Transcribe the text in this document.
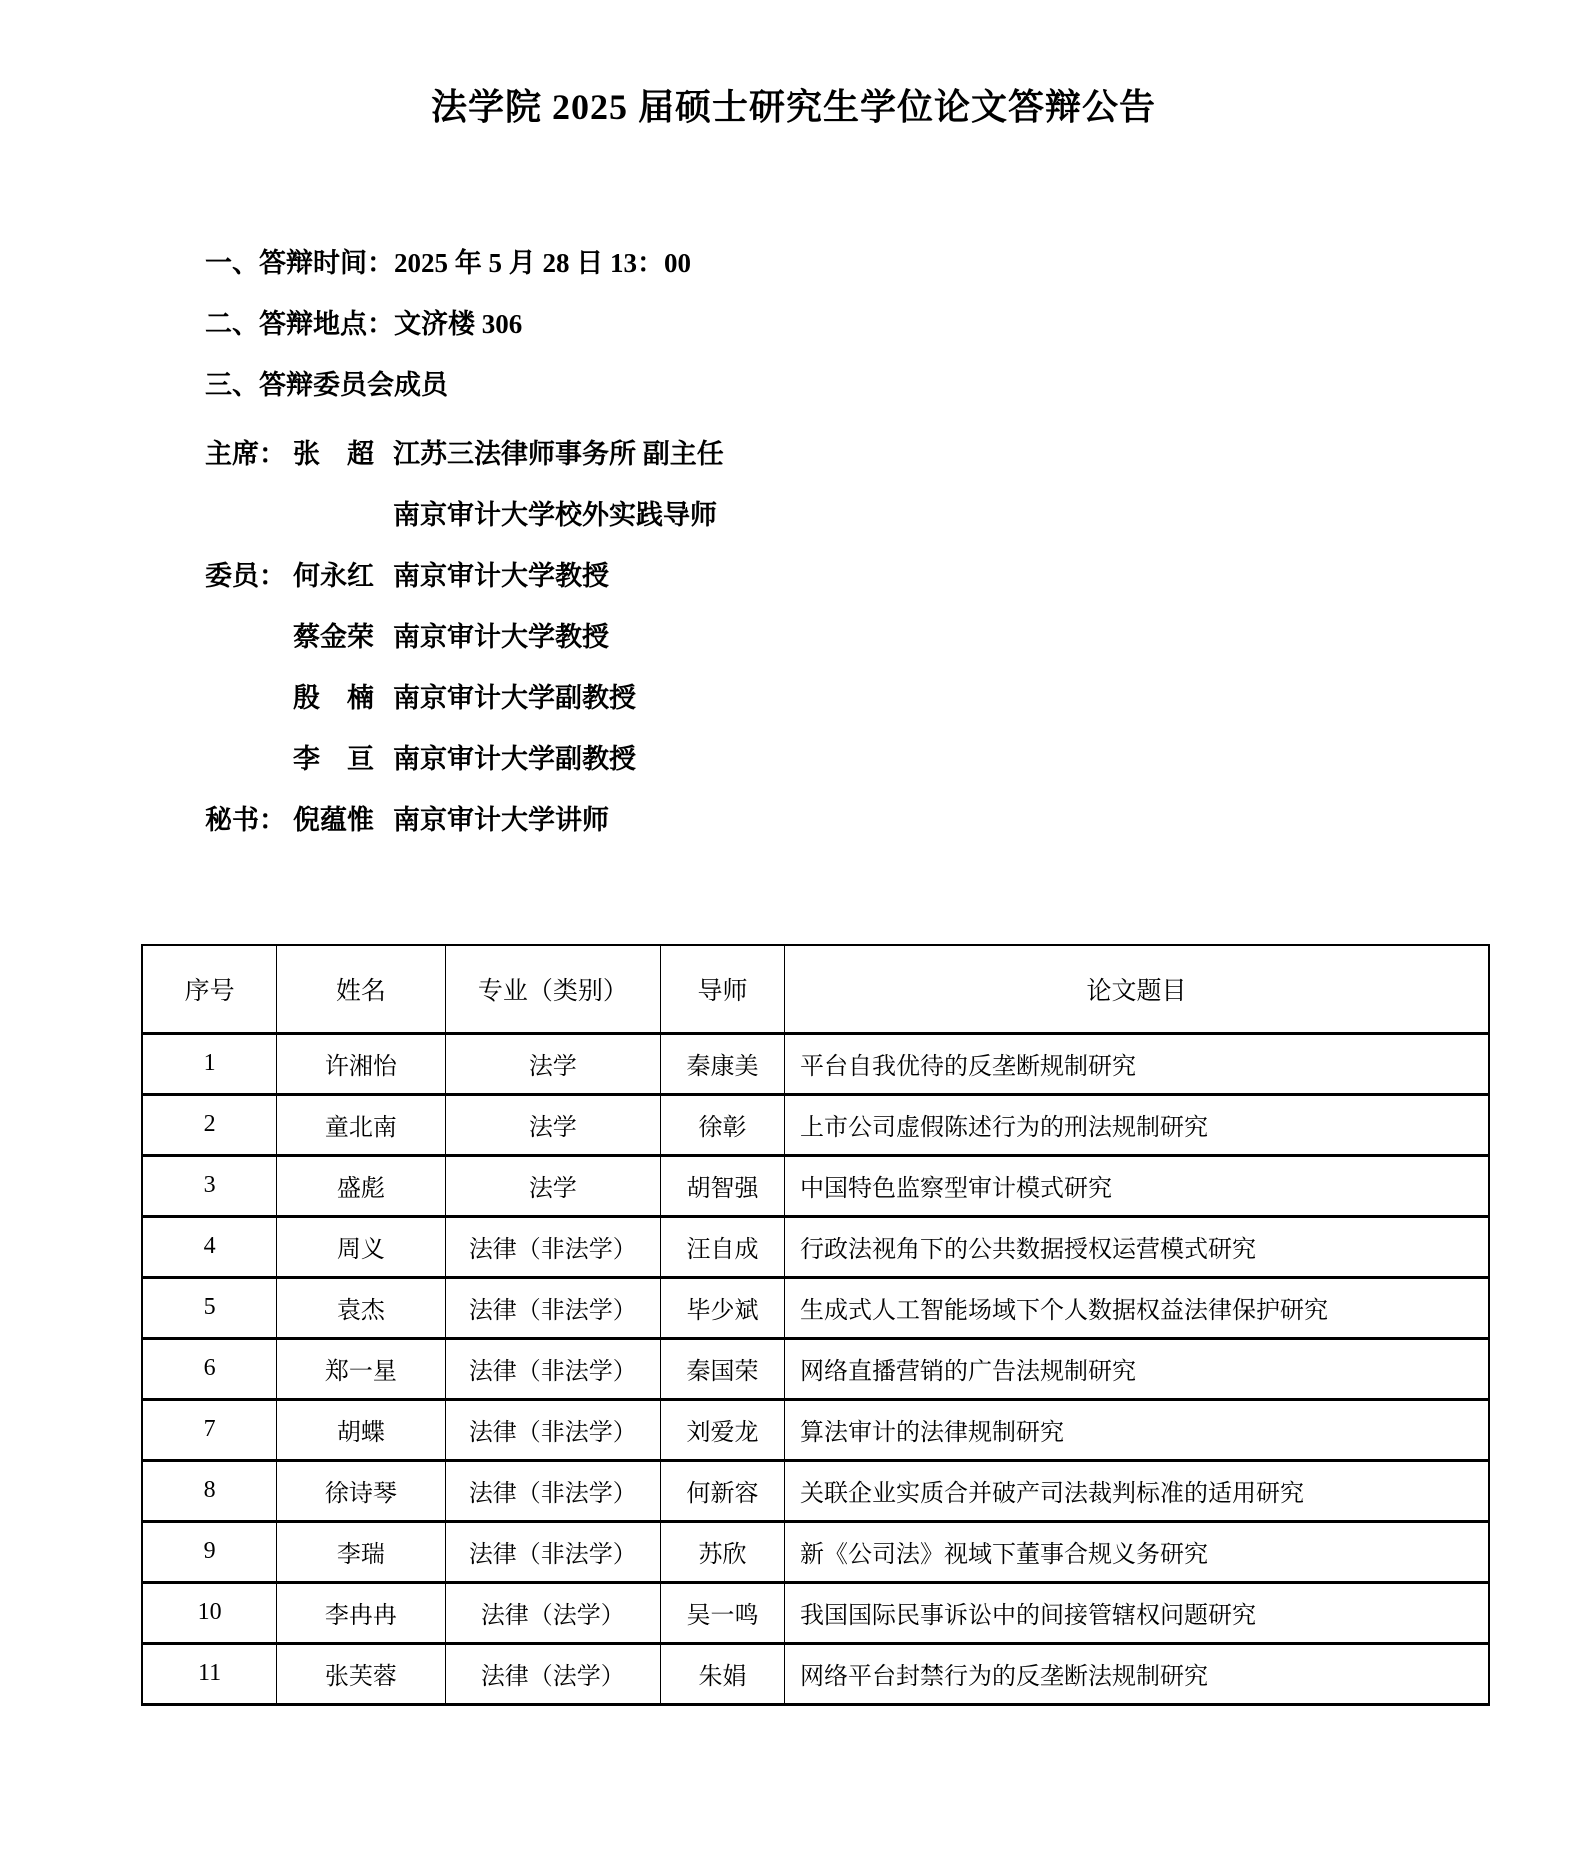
法学院 2025 届硕士研究生学位论文答辩公告
一、答辩时间： 2025 年 5 月 28 日 13：00
二、答辩地点： 文济楼 306
三、答辩委员会成员
主席： 张　超 江苏三法律师事务所 副主任
南京审计大学校外实践导师
委员： 何永红 南京审计大学教授
蔡金荣 南京审计大学教授
殷　楠 南京审计大学副教授
李　亘 南京审计大学副教授
秘书： 倪蕴惟 南京审计大学讲师
序号	姓名	专业（类别）	导师	论文题目
1	许湘怡	法学	秦康美	平台自我优待的反垄断规制研究
2	童北南	法学	徐彰	上市公司虚假陈述行为的刑法规制研究
3	盛彪	法学	胡智强	中国特色监察型审计模式研究
4	周义	法律（非法学）	汪自成	行政法视角下的公共数据授权运营模式研究
5	袁杰	法律（非法学）	毕少斌	生成式人工智能场域下个人数据权益法律保护研究
6	郑一星	法律（非法学）	秦国荣	网络直播营销的广告法规制研究
7	胡蝶	法律（非法学）	刘爱龙	算法审计的法律规制研究
8	徐诗琴	法律（非法学）	何新容	关联企业实质合并破产司法裁判标准的适用研究
9	李瑞	法律（非法学）	苏欣	新《公司法》视域下董事合规义务研究
10	李冉冉	法律（法学）	吴一鸣	我国国际民事诉讼中的间接管辖权问题研究
11	张芙蓉	法律（法学）	朱娟	网络平台封禁行为的反垄断法规制研究
